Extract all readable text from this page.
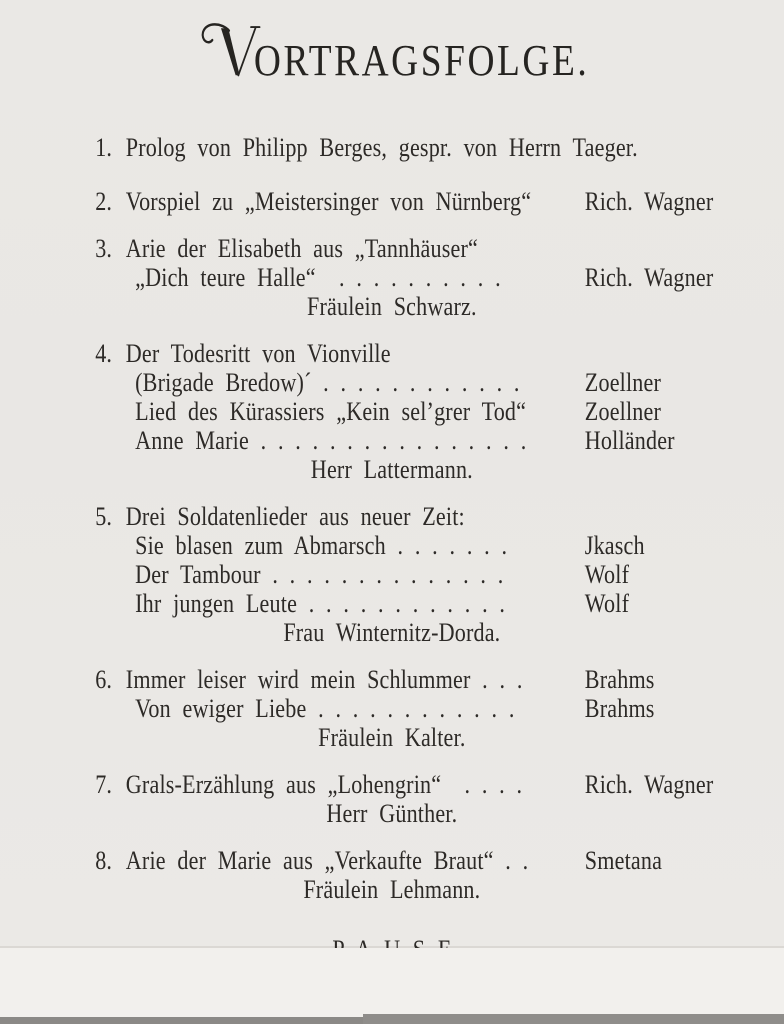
ORTRAGSFOLGE.
1. Prolog von Philipp Berges, gespr. von Herrn Taeger.
2. Vorspiel zu „Meistersinger von Nürnberg“ Rich. Wagner
3. Arie der Elisabeth aus „Tannhäuser“
„Dich teure Halle“  . . . . . . . . . .	Rich. Wagner
Fräulein Schwarz.
4. Der Todesritt von Vionville
(Brigade Bredow)´ . . . . . . . . . . . .	Zoellner
Lied des Kürassiers „Kein sel’grer Tod“ Zoellner
Anne Marie . . . . . . . . . . . . . . . . Holländer
Herr Lattermann.
5. Drei Soldatenlieder aus neuer Zeit:
Sie blasen zum Abmarsch . . . . . . .	Jkasch
Der Tambour . . . . . . . . . . . . . .	Wolf
Ihr jungen Leute . . . . . . . . . . . .	Wolf
Frau Winternitz-Dorda.
6. Immer leiser wird mein Schlummer . . . Brahms
Von ewiger Liebe . . . . . . . . . . . .	Brahms
Fräulein Kalter.
7. Grals-Erzählung aus „Lohengrin“  . . . . Rich. Wagner
Herr Günther.
8. Arie der Marie aus „Verkaufte Braut“ . . Smetana
Fräulein Lehmann.
